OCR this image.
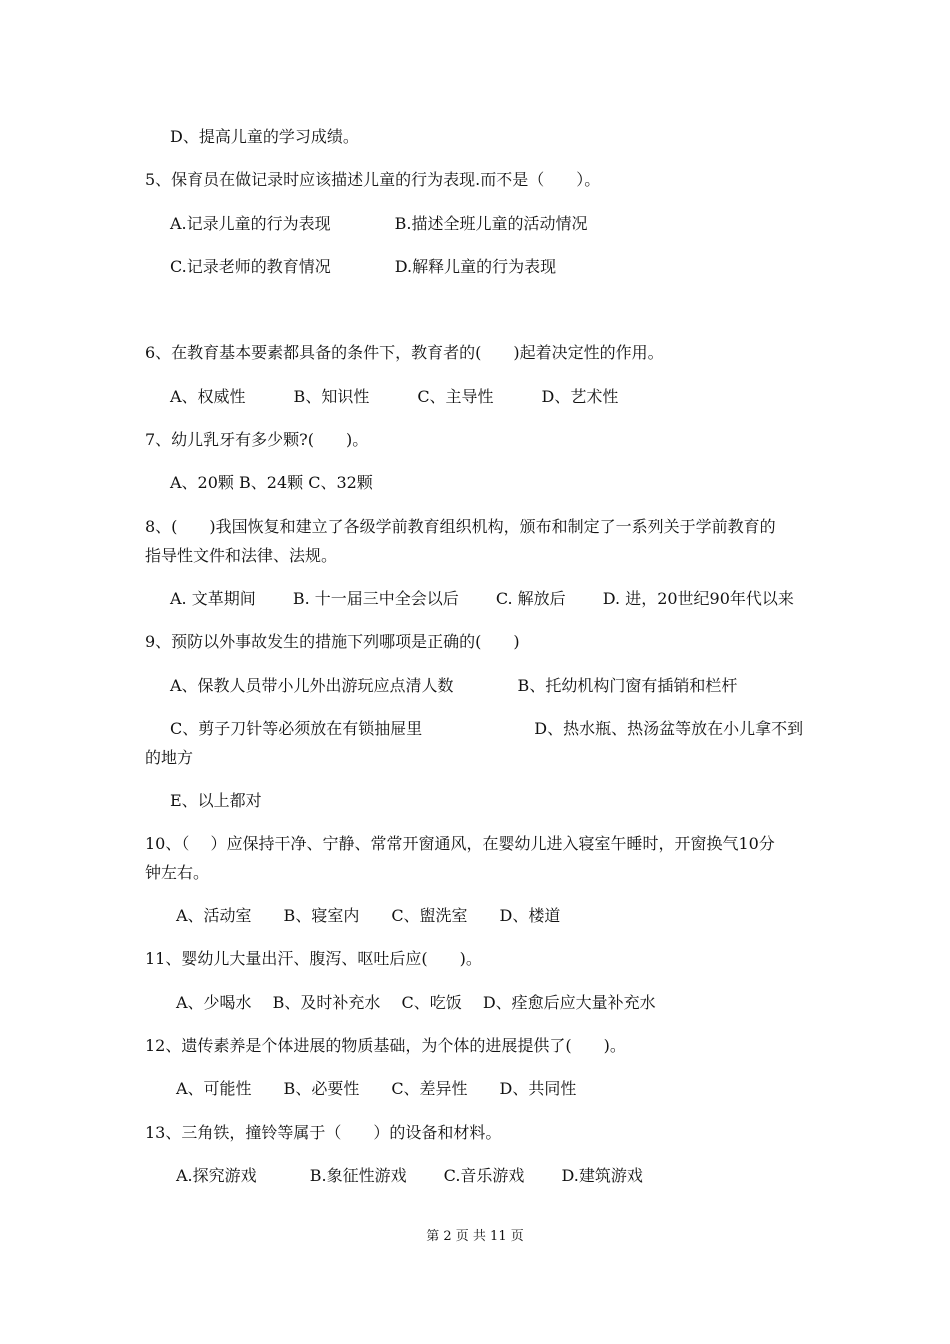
D、提高儿童的学习成绩。
5、保育员在做记录时应该描述儿童的行为表现.而不是（　　）。
A.记录儿童的行为表现　　　　B.描述全班儿童的活动情况
C.记录老师的教育情况　　　　D.解释儿童的行为表现
6、在教育基本要素都具备的条件下，教育者的(　　)起着决定性的作用。
A、权威性　　　B、知识性　　　C、主导性　　　D、艺术性
7、幼儿乳牙有多少颗?(　　)。
A、20颗 B、24颗 C、32颗
8、(　　)我国恢复和建立了各级学前教育组织机构，颁布和制定了一系列关于学前教育的
指导性文件和法律、法规。
A. 文革期间　　 B. 十一届三中全会以后　　 C. 解放后　　 D. 进，20世纪90年代以来
9、预防以外事故发生的措施下列哪项是正确的(　　)
A、保教人员带小儿外出游玩应点清人数　　　　B、托幼机构门窗有插销和栏杆
C、剪子刀针等必须放在有锁抽屉里　　　　　　　D、热水瓶、热汤盆等放在小儿拿不到
的地方
E、以上都对
10、（　 ）应保持干净、宁静、常常开窗通风，在婴幼儿进入寝室午睡时，开窗换气10分
钟左右。
A、活动室　　B、寝室内　　C、盥洗室　　D、楼道
11、婴幼儿大量出汗、腹泻、呕吐后应(　　)。
A、少喝水　 B、及时补充水　 C、吃饭　 D、痊愈后应大量补充水
12、遗传素养是个体进展的物质基础，为个体的进展提供了(　　)。
A、可能性　　B、必要性　　C、差异性　　D、共同性
13、三角铁，撞铃等属于（　　）的设备和材料。
A.探究游戏　　　 B.象征性游戏　　 C.音乐游戏　　 D.建筑游戏
第 2 页 共 11 页
